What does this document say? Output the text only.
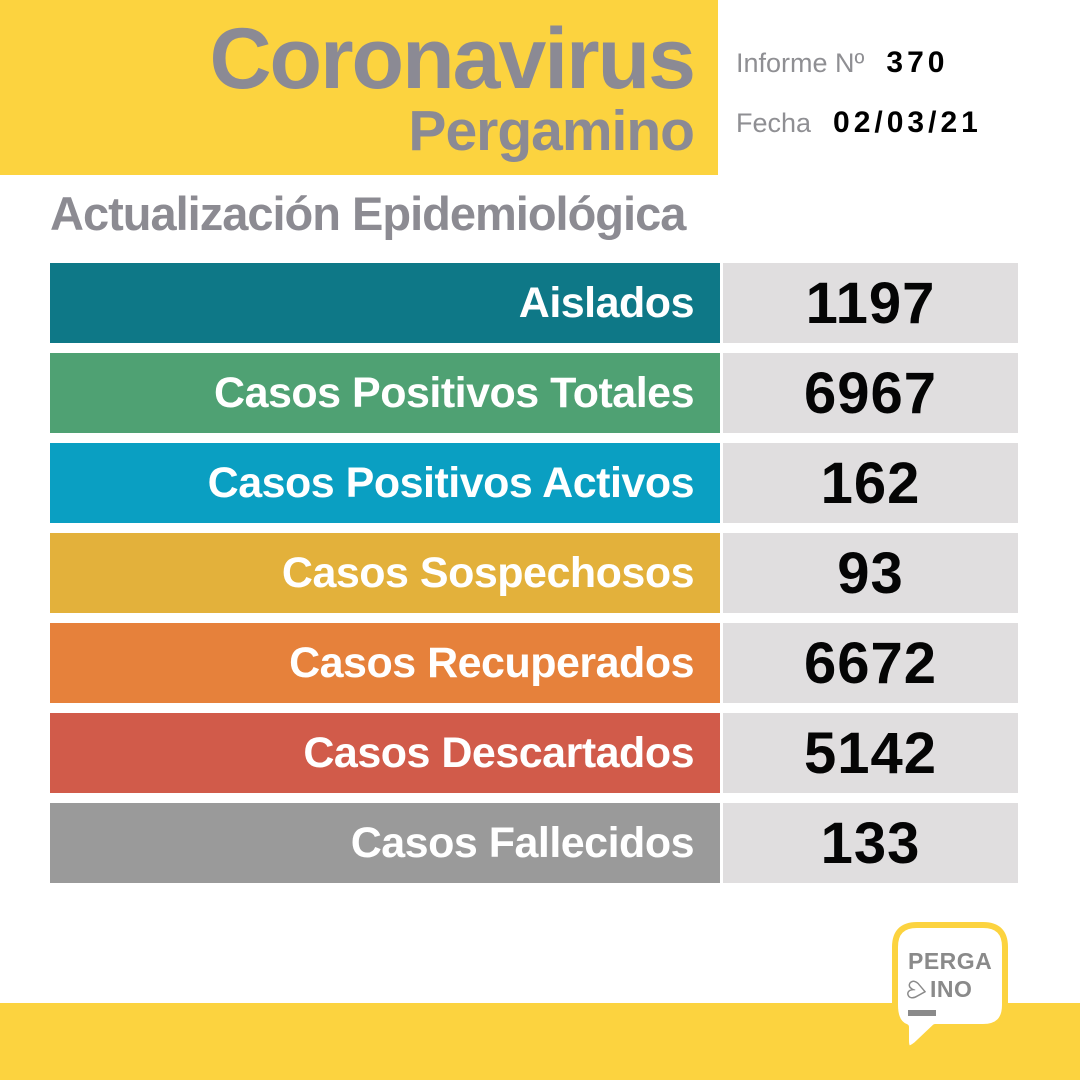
Coronavirus
Pergamino
Informe Nº 370
Fecha 02/03/21
Actualización Epidemiológica
Aislados 1197
Casos Positivos Totales 6967
Casos Positivos Activos 162
Casos Sospechosos 93
Casos Recuperados 6672
Casos Descartados 5142
Casos Fallecidos 133
PERGA
♡INO
